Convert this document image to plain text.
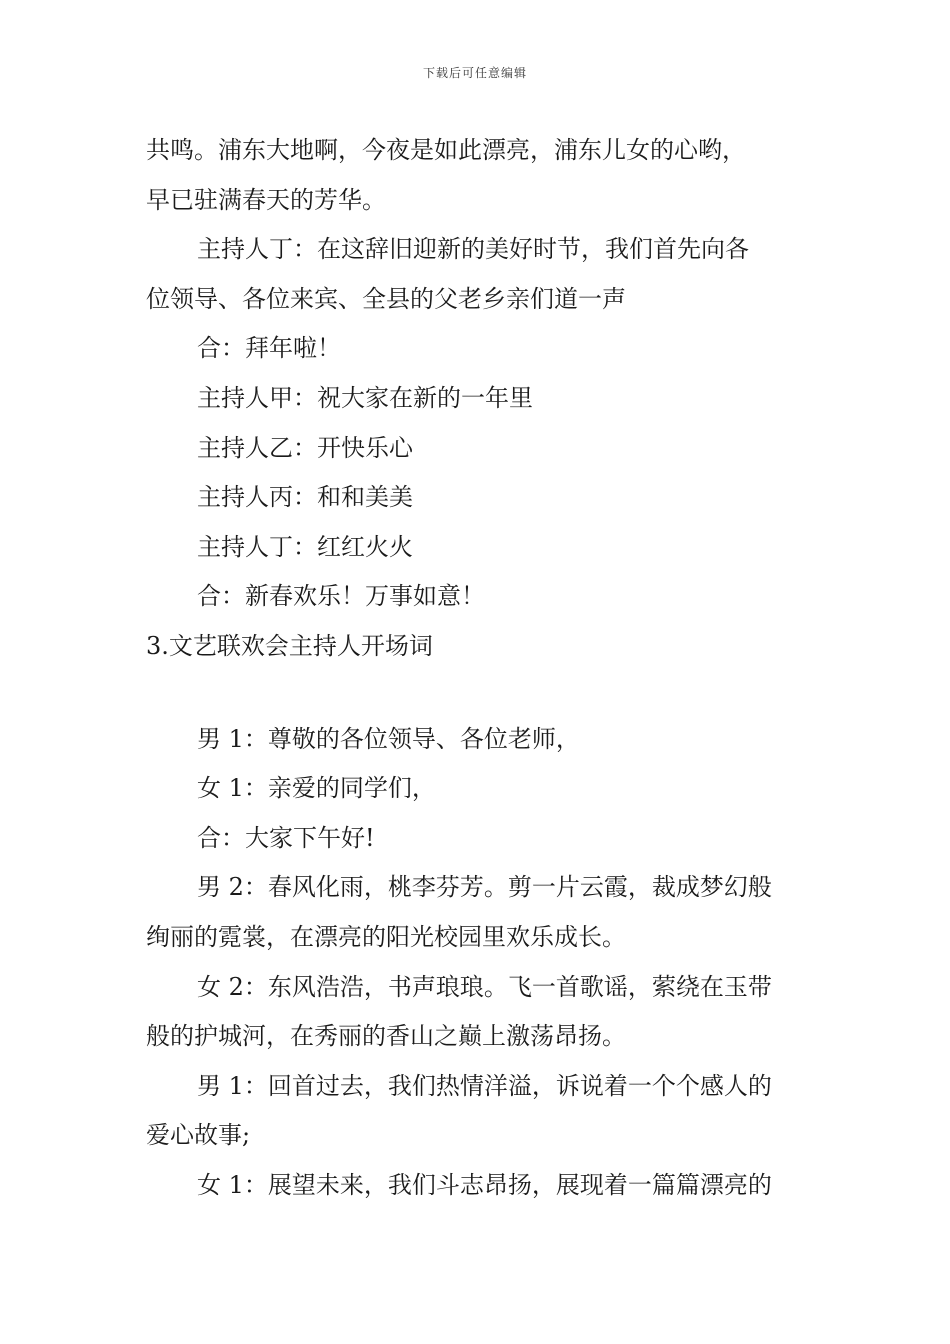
下载后可任意编辑
共鸣。浦东大地啊，今夜是如此漂亮，浦东儿女的心哟，
早已驻满春天的芳华。
主持人丁：在这辞旧迎新的美好时节，我们首先向各
位领导、各位来宾、全县的父老乡亲们道一声
合：拜年啦！
主持人甲：祝大家在新的一年里
主持人乙：开快乐心
主持人丙：和和美美
主持人丁：红红火火
合：新春欢乐！万事如意！
3.文艺联欢会主持人开场词
男 1：尊敬的各位领导、各位老师，
女 1：亲爱的同学们，
合：大家下午好!
男 2：春风化雨，桃李芬芳。剪一片云霞，裁成梦幻般
绚丽的霓裳，在漂亮的阳光校园里欢乐成长。
女 2：东风浩浩，书声琅琅。飞一首歌谣，萦绕在玉带
般的护城河，在秀丽的香山之巅上激荡昂扬。
男 1：回首过去，我们热情洋溢，诉说着一个个感人的
爱心故事;
女 1：展望未来，我们斗志昂扬，展现着一篇篇漂亮的
